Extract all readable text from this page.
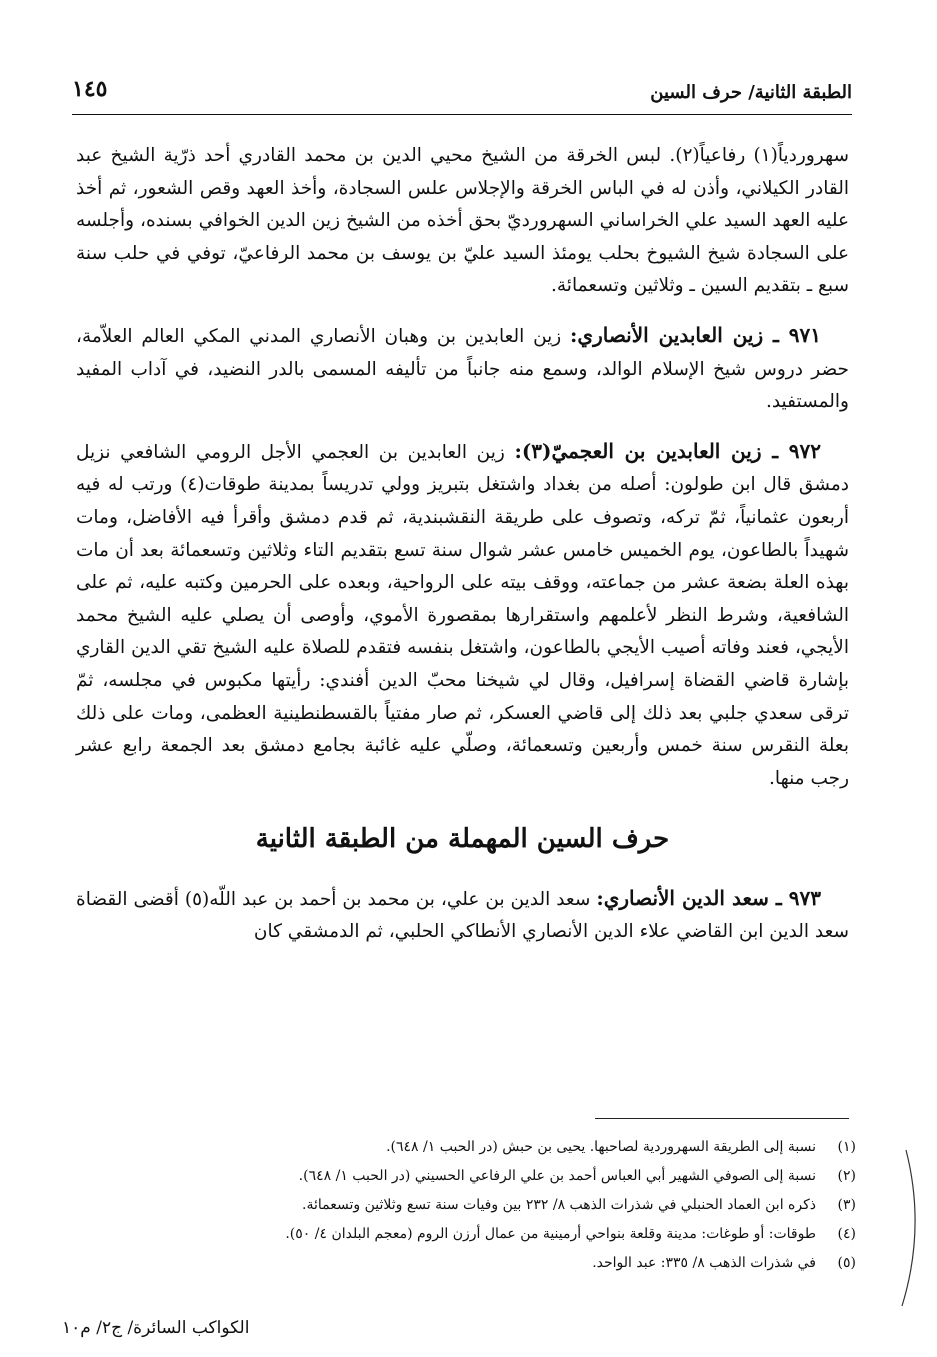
١٤٥	الطبقة الثانية/ حرف السين

سهروردياً(١) رفاعياً(٢). لبس الخرقة من الشيخ محيي الدين بن محمد القادري أحد ذرّية الشيخ عبد القادر الكيلاني، وأذن له في الباس الخرقة والإجلاس علس السجادة، وأخذ العهد وقص الشعور، ثم أخذ عليه العهد السيد علي الخراساني السهرورديّ بحق أخذه من الشيخ زين الدين الخوافي بسنده، وأجلسه على السجادة شيخ الشيوخ بحلب يومئذ السيد عليّ بن يوسف بن محمد الرفاعيّ، توفي في حلب سنة سبع ـ بتقديم السين ـ وثلاثين وتسعمائة.

٩٧١ ـ زين العابدين الأنصاري: زين العابدين بن وهبان الأنصاري المدني المكي العالم العلاّمة، حضر دروس شيخ الإسلام الوالد، وسمع منه جانباً من تأليفه المسمى بالدر النضيد، في آداب المفيد والمستفيد.

٩٧٢ ـ زين العابدين بن العجميّ(٣): زين العابدين بن العجمي الأجل الرومي الشافعي نزيل دمشق قال ابن طولون: أصله من بغداد واشتغل بتبريز وولي تدريساً بمدينة طوقات(٤) ورتب له فيه أربعون عثمانياً، ثمّ تركه، وتصوف على طريقة النقشبندية، ثم قدم دمشق وأقرأ فيه الأفاضل، ومات شهيداً بالطاعون، يوم الخميس خامس عشر شوال سنة تسع بتقديم التاء وثلاثين وتسعمائة بعد أن مات بهذه العلة بضعة عشر من جماعته، ووقف بيته على الرواحية، وبعده على الحرمين وكتبه عليه، ثم على الشافعية، وشرط النظر لأعلمهم واستقرارها بمقصورة الأموي، وأوصى أن يصلي عليه الشيخ محمد الأيجي، فعند وفاته أصيب الأيجي بالطاعون، واشتغل بنفسه فتقدم للصلاة عليه الشيخ تقي الدين القاري بإشارة قاضي القضاة إسرافيل، وقال لي شيخنا محبّ الدين أفندي: رأيتها مكبوس في مجلسه، ثمّ ترقى سعدي جلبي بعد ذلك إلى قاضي العسكر، ثم صار مفتياً بالقسطنطينية العظمى، ومات على ذلك بعلة النقرس سنة خمس وأربعين وتسعمائة، وصلّي عليه غائبة بجامع دمشق بعد الجمعة رابع عشر رجب منها.

حرف السين المهملة من الطبقة الثانية

٩٧٣ ـ سعد الدين الأنصاري: سعد الدين بن علي، بن محمد بن أحمد بن عبد اللّه(٥) أقضى القضاة سعد الدين ابن القاضي علاء الدين الأنصاري الأنطاكي الحلبي، ثم الدمشقي كان

(١)
نسبة إلى الطريقة السهروردية لصاحبها. يحيى بن حبش (در الحبب ١/ ٦٤٨).
(٢)
نسبة إلى الصوفي الشهير أبي العباس أحمد بن علي الرفاعي الحسيني (در الحبب ١/ ٦٤٨).
(٣)
ذكره ابن العماد الحنبلي في شذرات الذهب ٨/ ٢٣٢ بين وفيات سنة تسع وثلاثين وتسعمائة.
(٤)
طوقات: أو طوغات: مدينة وقلعة بنواحي أرمينية من عمال أرزن الروم (معجم البلدان ٤/ ٥٠).
(٥)
في شذرات الذهب ٨/ ٣٣٥: عبد الواحد.
الكواكب السائرة/ ج٢/ م١٠
